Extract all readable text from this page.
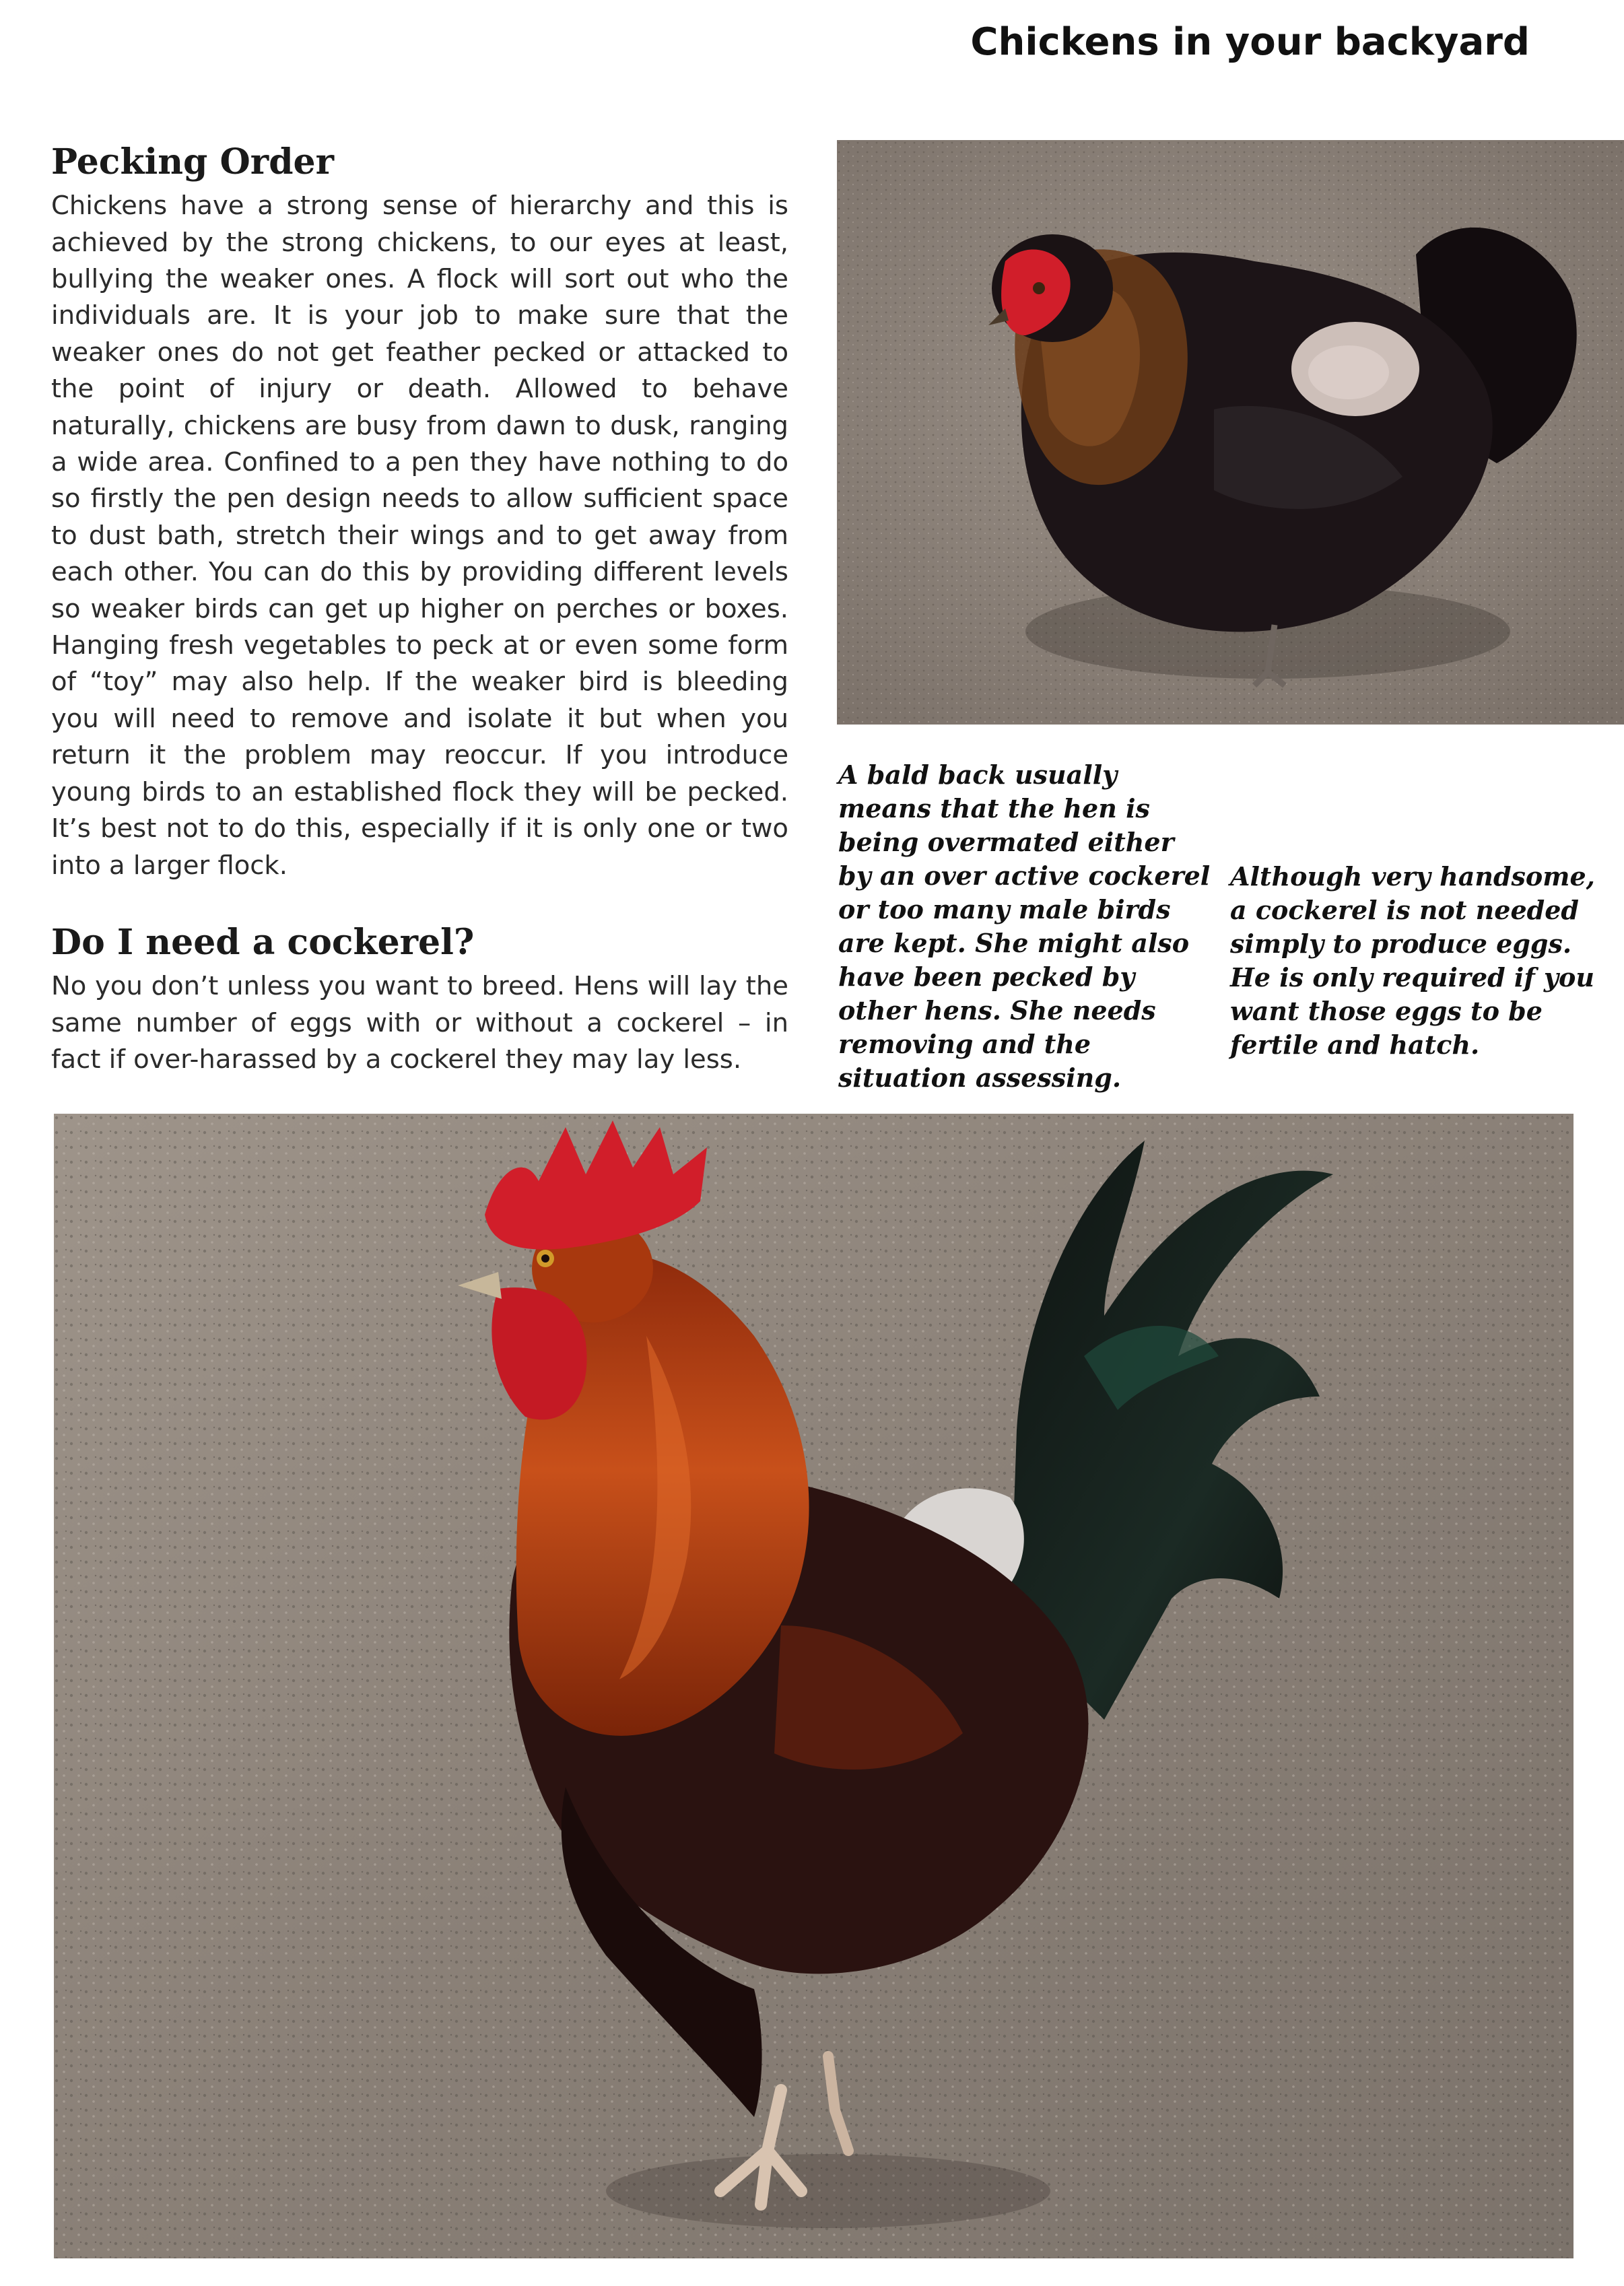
Chickens in your backyard
Pecking Order

Chickens have a strong sense of hierarchy and this is achieved by the strong chickens, to our eyes at least, bullying the weaker ones. A flock will sort out who the individuals are. It is your job to make sure that the weaker ones do not get feather pecked or attacked to the point of injury or death. Allowed to behave naturally, chickens are busy from dawn to dusk, ranging a wide area. Confined to a pen they have nothing to do so firstly the pen design needs to allow sufficient space to dust bath, stretch their wings and to get away from each other. You can do this by providing different levels so weaker birds can get up higher on perches or boxes. Hanging fresh vegetables to peck at or even some form of “toy” may also help. If the weaker bird is bleeding you will need to remove and isolate it but when you return it the problem may reoccur. If you introduce young birds to an established flock they will be pecked. It’s best not to do this, especially if it is only one or two into a larger flock.

Do I need a cockerel?

No you don’t unless you want to breed. Hens will lay the same number of eggs with or without a cockerel – in fact if over-harassed by a cockerel they may lay less.

A bald back usually means that the hen is being overmated either by an over active cockerel or too many male birds are kept. She might also have been pecked by other hens. She needs removing and the situation assessing.

Although very handsome, a cockerel is not needed simply to produce eggs. He is only required if you want those eggs to be fertile and hatch.
